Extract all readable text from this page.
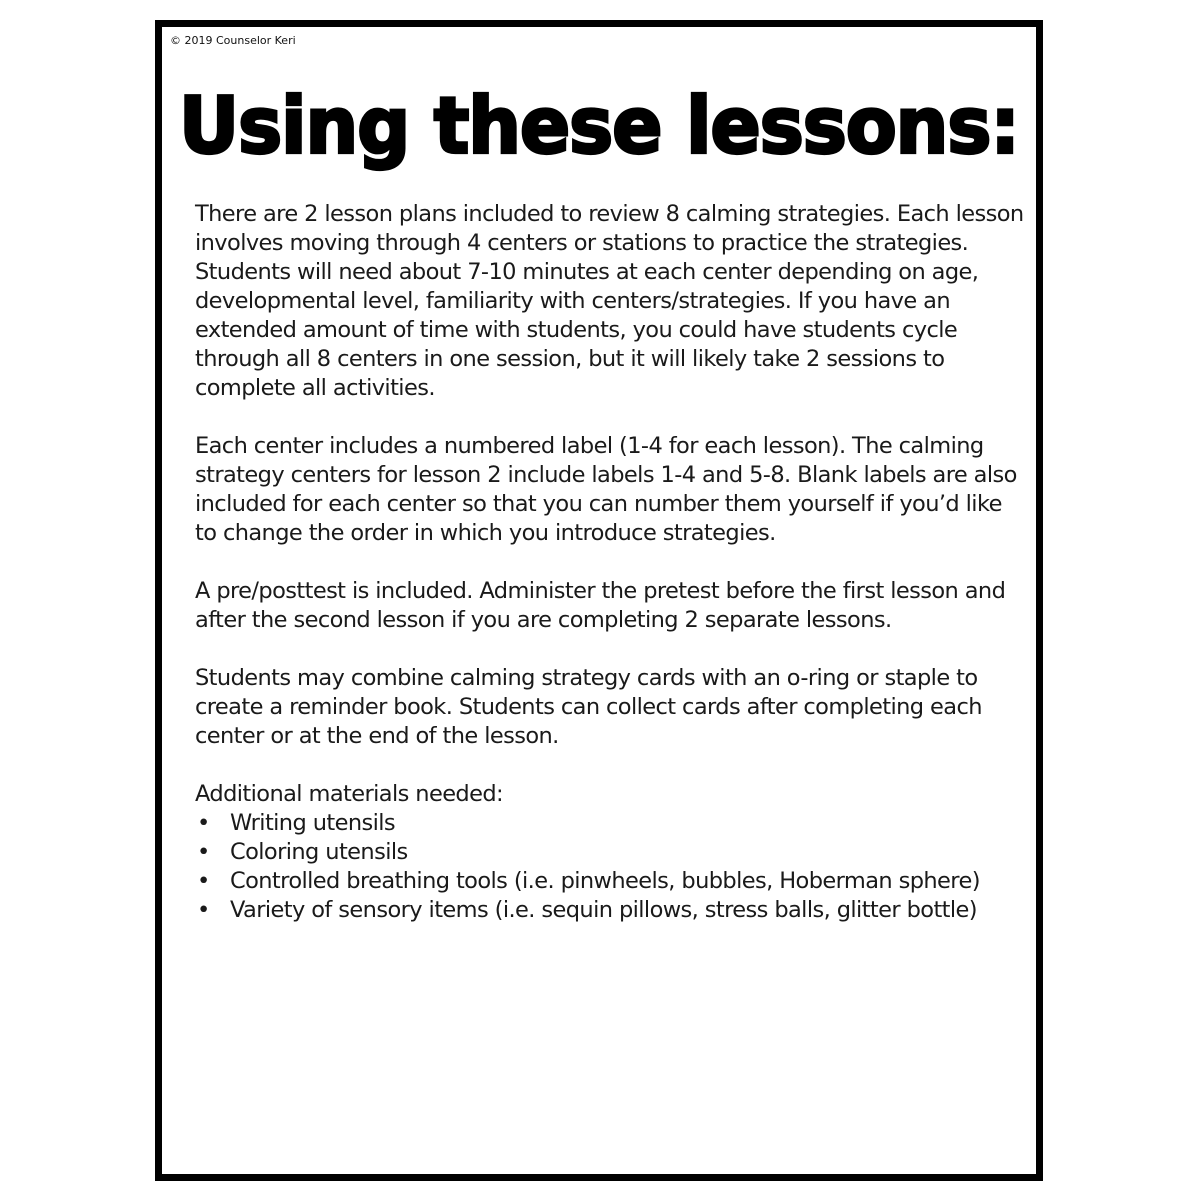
© 2019 Counselor Keri
Using these lessons:

There are 2 lesson plans included to review 8 calming strategies. Each lesson involves moving through 4 centers or stations to practice the strategies. Students will need about 7-10 minutes at each center depending on age, developmental level, familiarity with centers/strategies. If you have an extended amount of time with students, you could have students cycle through all 8 centers in one session, but it will likely take 2 sessions to complete all activities.

Each center includes a numbered label (1-4 for each lesson). The calming strategy centers for lesson 2 include labels 1-4 and 5-8. Blank labels are also included for each center so that you can number them yourself if you’d like to change the order in which you introduce strategies.

A pre/posttest is included. Administer the pretest before the first lesson and after the second lesson if you are completing 2 separate lessons.

Students may combine calming strategy cards with an o-ring or staple to create a reminder book. Students can collect cards after completing each center or at the end of the lesson.

Additional materials needed:
• Writing utensils
• Coloring utensils
• Controlled breathing tools (i.e. pinwheels, bubbles, Hoberman sphere)
• Variety of sensory items (i.e. sequin pillows, stress balls, glitter bottle)
